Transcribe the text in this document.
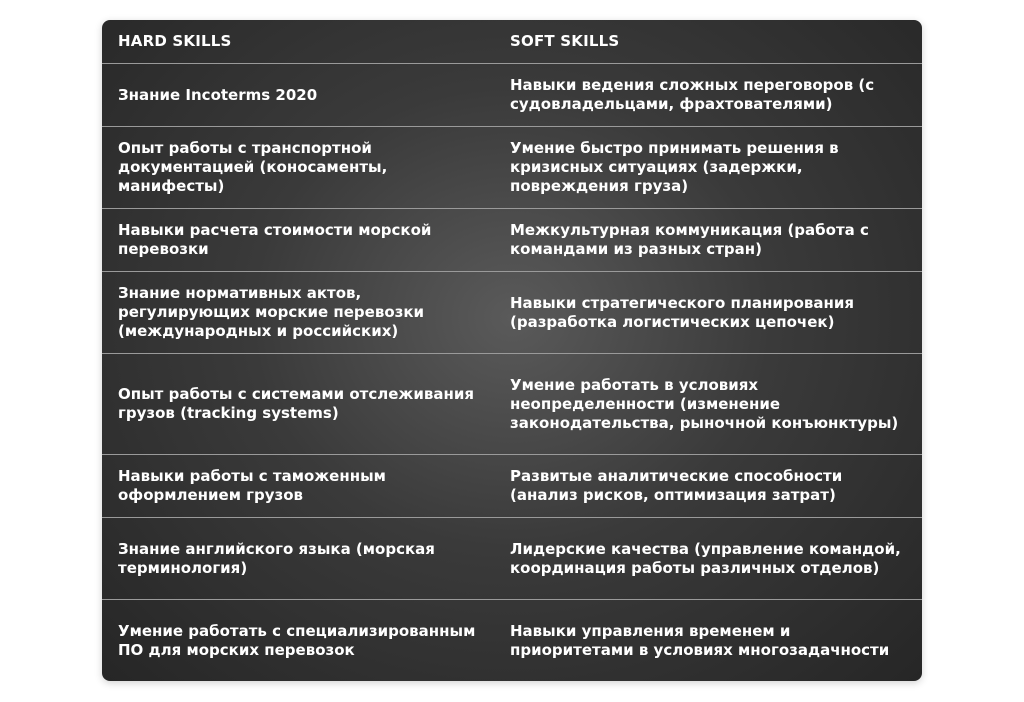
HARD SKILLS	SOFT SKILLS
Знание Incoterms 2020	Навыки ведения сложных переговоров (с судовладельцами, фрахтователями)
Опыт работы с транспортной документацией (коносаменты, манифесты)	Умение быстро принимать решения в кризисных ситуациях (задержки, повреждения груза)
Навыки расчета стоимости морской перевозки	Межкультурная коммуникация (работа с командами из разных стран)
Знание нормативных актов, регулирующих морские перевозки (международных и российских)	Навыки стратегического планирования (разработка логистических цепочек)
Опыт работы с системами отслеживания грузов (tracking systems)	Умение работать в условиях неопределенности (изменение законодательства, рыночной конъюнктуры)
Навыки работы с таможенным оформлением грузов	Развитые аналитические способности (анализ рисков, оптимизация затрат)
Знание английского языка (морская терминология)	Лидерские качества (управление командой, координация работы различных отделов)
Умение работать с специализированным ПО для морских перевозок	Навыки управления временем и приоритетами в условиях многозадачности
